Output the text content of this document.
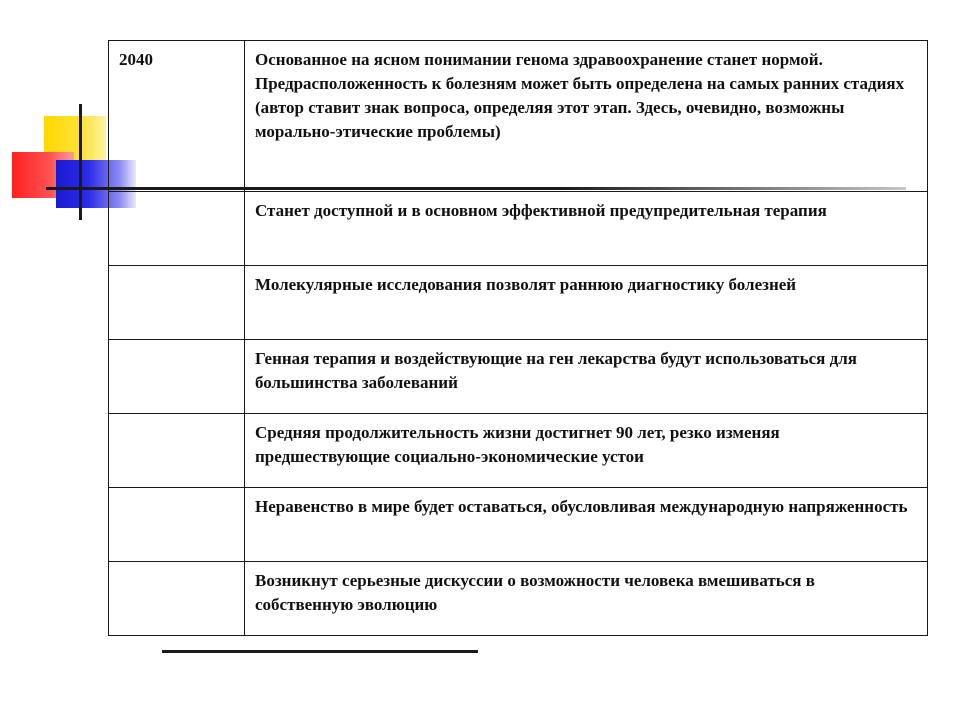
2040	Основанное на ясном понимании генома здравоохранение станет нормой. Предрасположенность к болезням может быть определена на самых ранних стадиях (автор ставит знак вопроса, определяя этот этап. Здесь, очевидно, возможны морально-этические проблемы)
	Станет доступной и в основном эффективной предупредительная терапия
	Молекулярные исследования позволят раннюю диагностику болезней
	Генная терапия и воздействующие на ген лекарства будут использоваться для большинства заболеваний
	Средняя продолжительность жизни достигнет 90 лет, резко изменяя предшествующие социально-экономические устои
	Неравенство в мире будет оставаться, обусловливая международную напряженность
	Возникнут серьезные дискуссии о возможности человека вмешиваться в собственную эволюцию
